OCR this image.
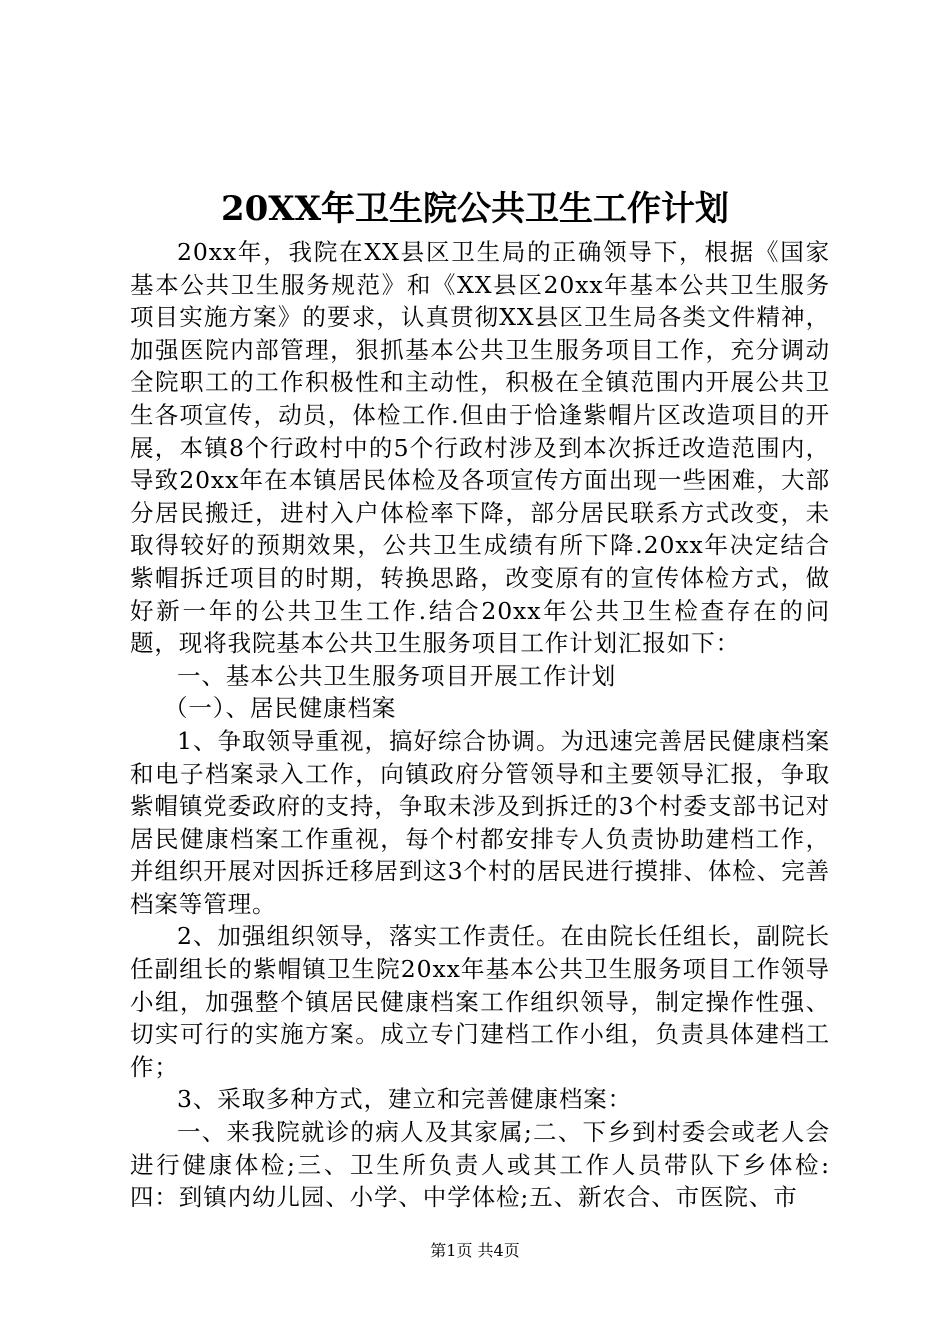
20XX年卫生院公共卫生工作计划

20xx年，我院在XX县区卫生局的正确领导下，根据《国家基本公共卫生服务规范》和《XX县区20xx年基本公共卫生服务项目实施方案》的要求，认真贯彻XX县区卫生局各类文件精神，加强医院内部管理，狠抓基本公共卫生服务项目工作，充分调动全院职工的工作积极性和主动性，积极在全镇范围内开展公共卫生各项宣传，动员，体检工作.但由于恰逢紫帽片区改造项目的开展，本镇8个行政村中的5个行政村涉及到本次拆迁改造范围内，导致20xx年在本镇居民体检及各项宣传方面出现一些困难，大部分居民搬迁，进村入户体检率下降，部分居民联系方式改变，未取得较好的预期效果，公共卫生成绩有所下降.20xx年决定结合紫帽拆迁项目的时期，转换思路，改变原有的宣传体检方式，做好新一年的公共卫生工作.结合20xx年公共卫生检查存在的问题，现将我院基本公共卫生服务项目工作计划汇报如下：

一、基本公共卫生服务项目开展工作计划

（一）、居民健康档案

1、争取领导重视，搞好综合协调。为迅速完善居民健康档案和电子档案录入工作，向镇政府分管领导和主要领导汇报，争取紫帽镇党委政府的支持，争取未涉及到拆迁的3个村委支部书记对居民健康档案工作重视，每个村都安排专人负责协助建档工作，并组织开展对因拆迁移居到这3个村的居民进行摸排、体检、完善档案等管理。

2、加强组织领导，落实工作责任。在由院长任组长，副院长任副组长的紫帽镇卫生院20xx年基本公共卫生服务项目工作领导小组，加强整个镇居民健康档案工作组织领导，制定操作性强、切实可行的实施方案。成立专门建档工作小组，负责具体建档工作；

3、采取多种方式，建立和完善健康档案：

一、来我院就诊的病人及其家属;二、下乡到村委会或老人会进行健康体检;三、卫生所负责人或其工作人员带队下乡体检:四：到镇内幼儿园、小学、中学体检;五、新农合、市医院、市

第1页 共4页
